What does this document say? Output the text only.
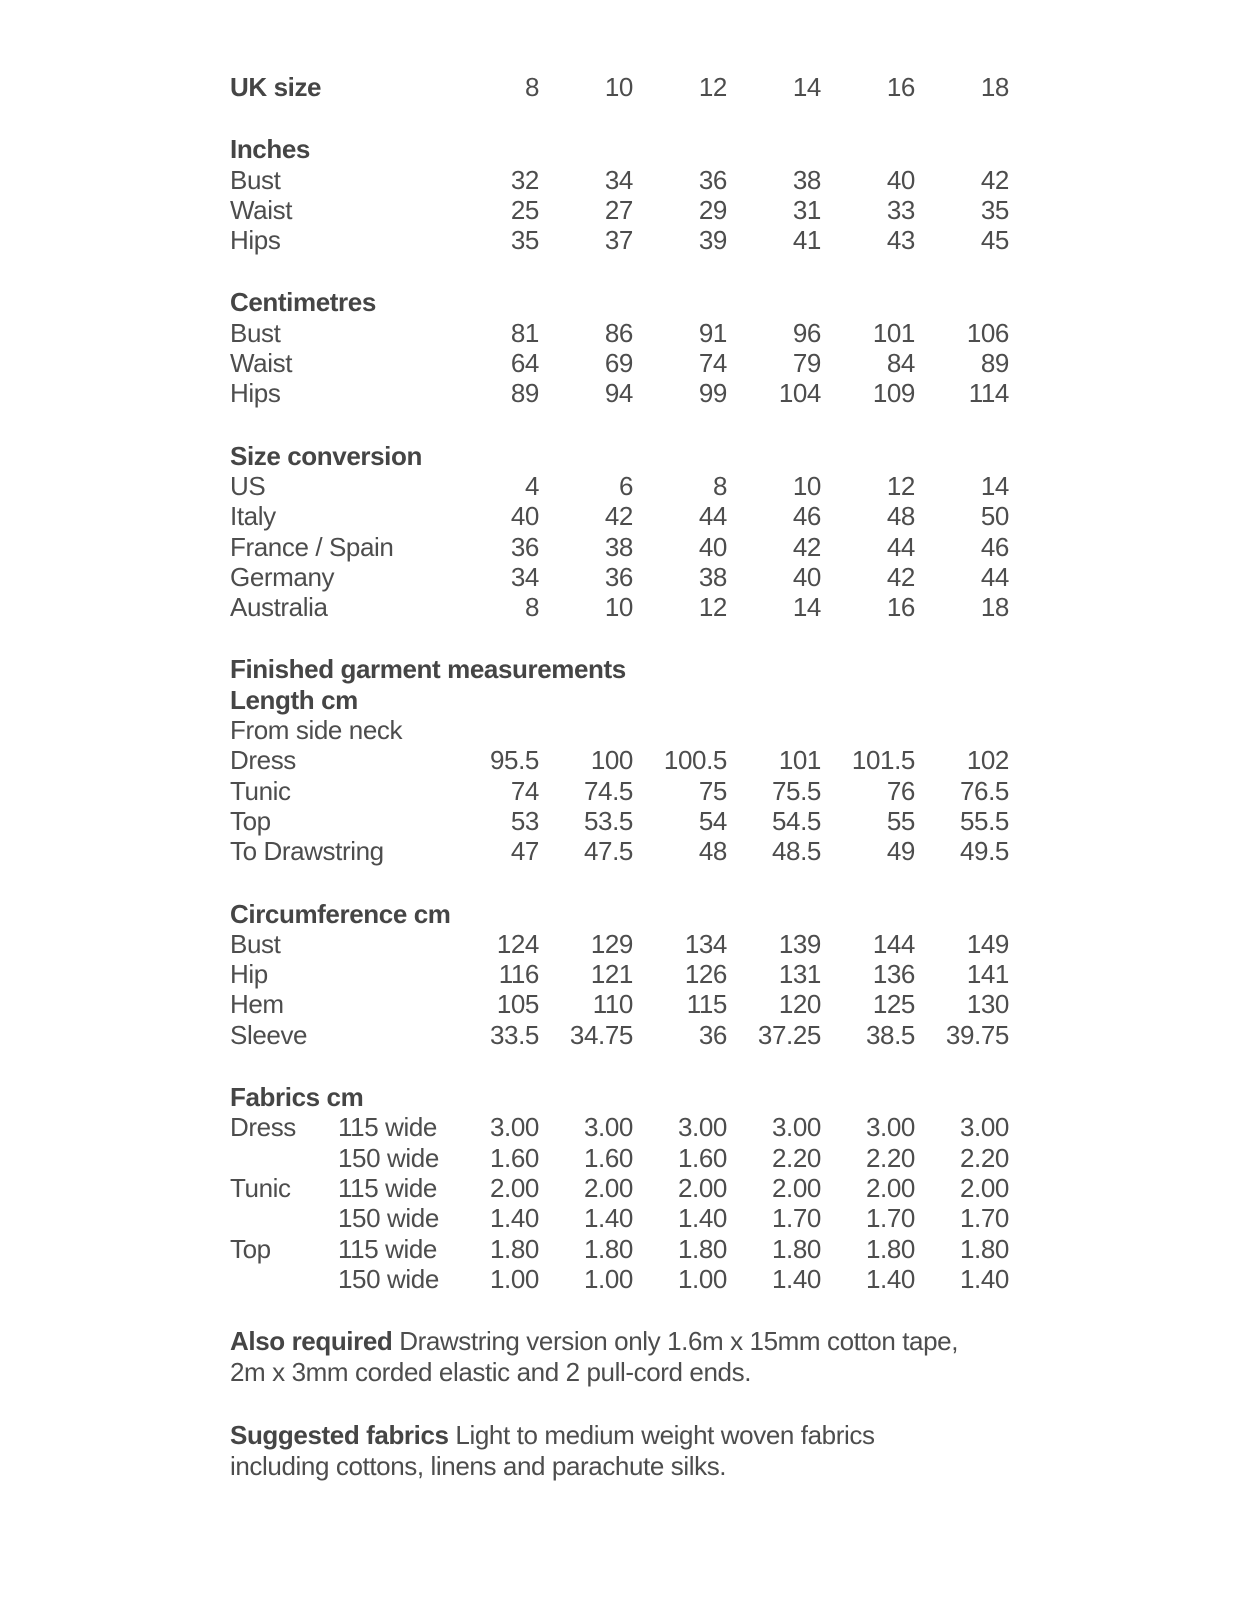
UK size	8	10	12	14	16	18
Inches
Bust	32	34	36	38	40	42
Waist	25	27	29	31	33	35
Hips	35	37	39	41	43	45
Centimetres
Bust	81	86	91	96	101	106
Waist	64	69	74	79	84	89
Hips	89	94	99	104	109	114
Size conversion
US	4	6	8	10	12	14
Italy	40	42	44	46	48	50
France / Spain	36	38	40	42	44	46
Germany	34	36	38	40	42	44
Australia	8	10	12	14	16	18
Finished garment measurements
Length cm
From side neck
Dress	95.5	100	100.5	101	101.5	102
Tunic	74	74.5	75	75.5	76	76.5
Top	53	53.5	54	54.5	55	55.5
To Drawstring	47	47.5	48	48.5	49	49.5
Circumference cm
Bust	124	129	134	139	144	149
Hip	116	121	126	131	136	141
Hem	105	110	115	120	125	130
Sleeve	33.5	34.75	36	37.25	38.5	39.75
Fabrics cm
Dress 115 wide	3.00	3.00	3.00	3.00	3.00	3.00
150 wide	1.60	1.60	1.60	2.20	2.20	2.20
Tunic 115 wide	2.00	2.00	2.00	2.00	2.00	2.00
150 wide	1.40	1.40	1.40	1.70	1.70	1.70
Top	115 wide	1.80	1.80	1.80	1.80	1.80	1.80
150 wide	1.00	1.00	1.00	1.40	1.40	1.40

Also required Drawstring version only 1.6m x 15mm cotton tape,
2m x 3mm corded elastic and 2 pull-cord ends.

Suggested fabrics Light to medium weight woven fabrics
including cottons, linens and parachute silks.
